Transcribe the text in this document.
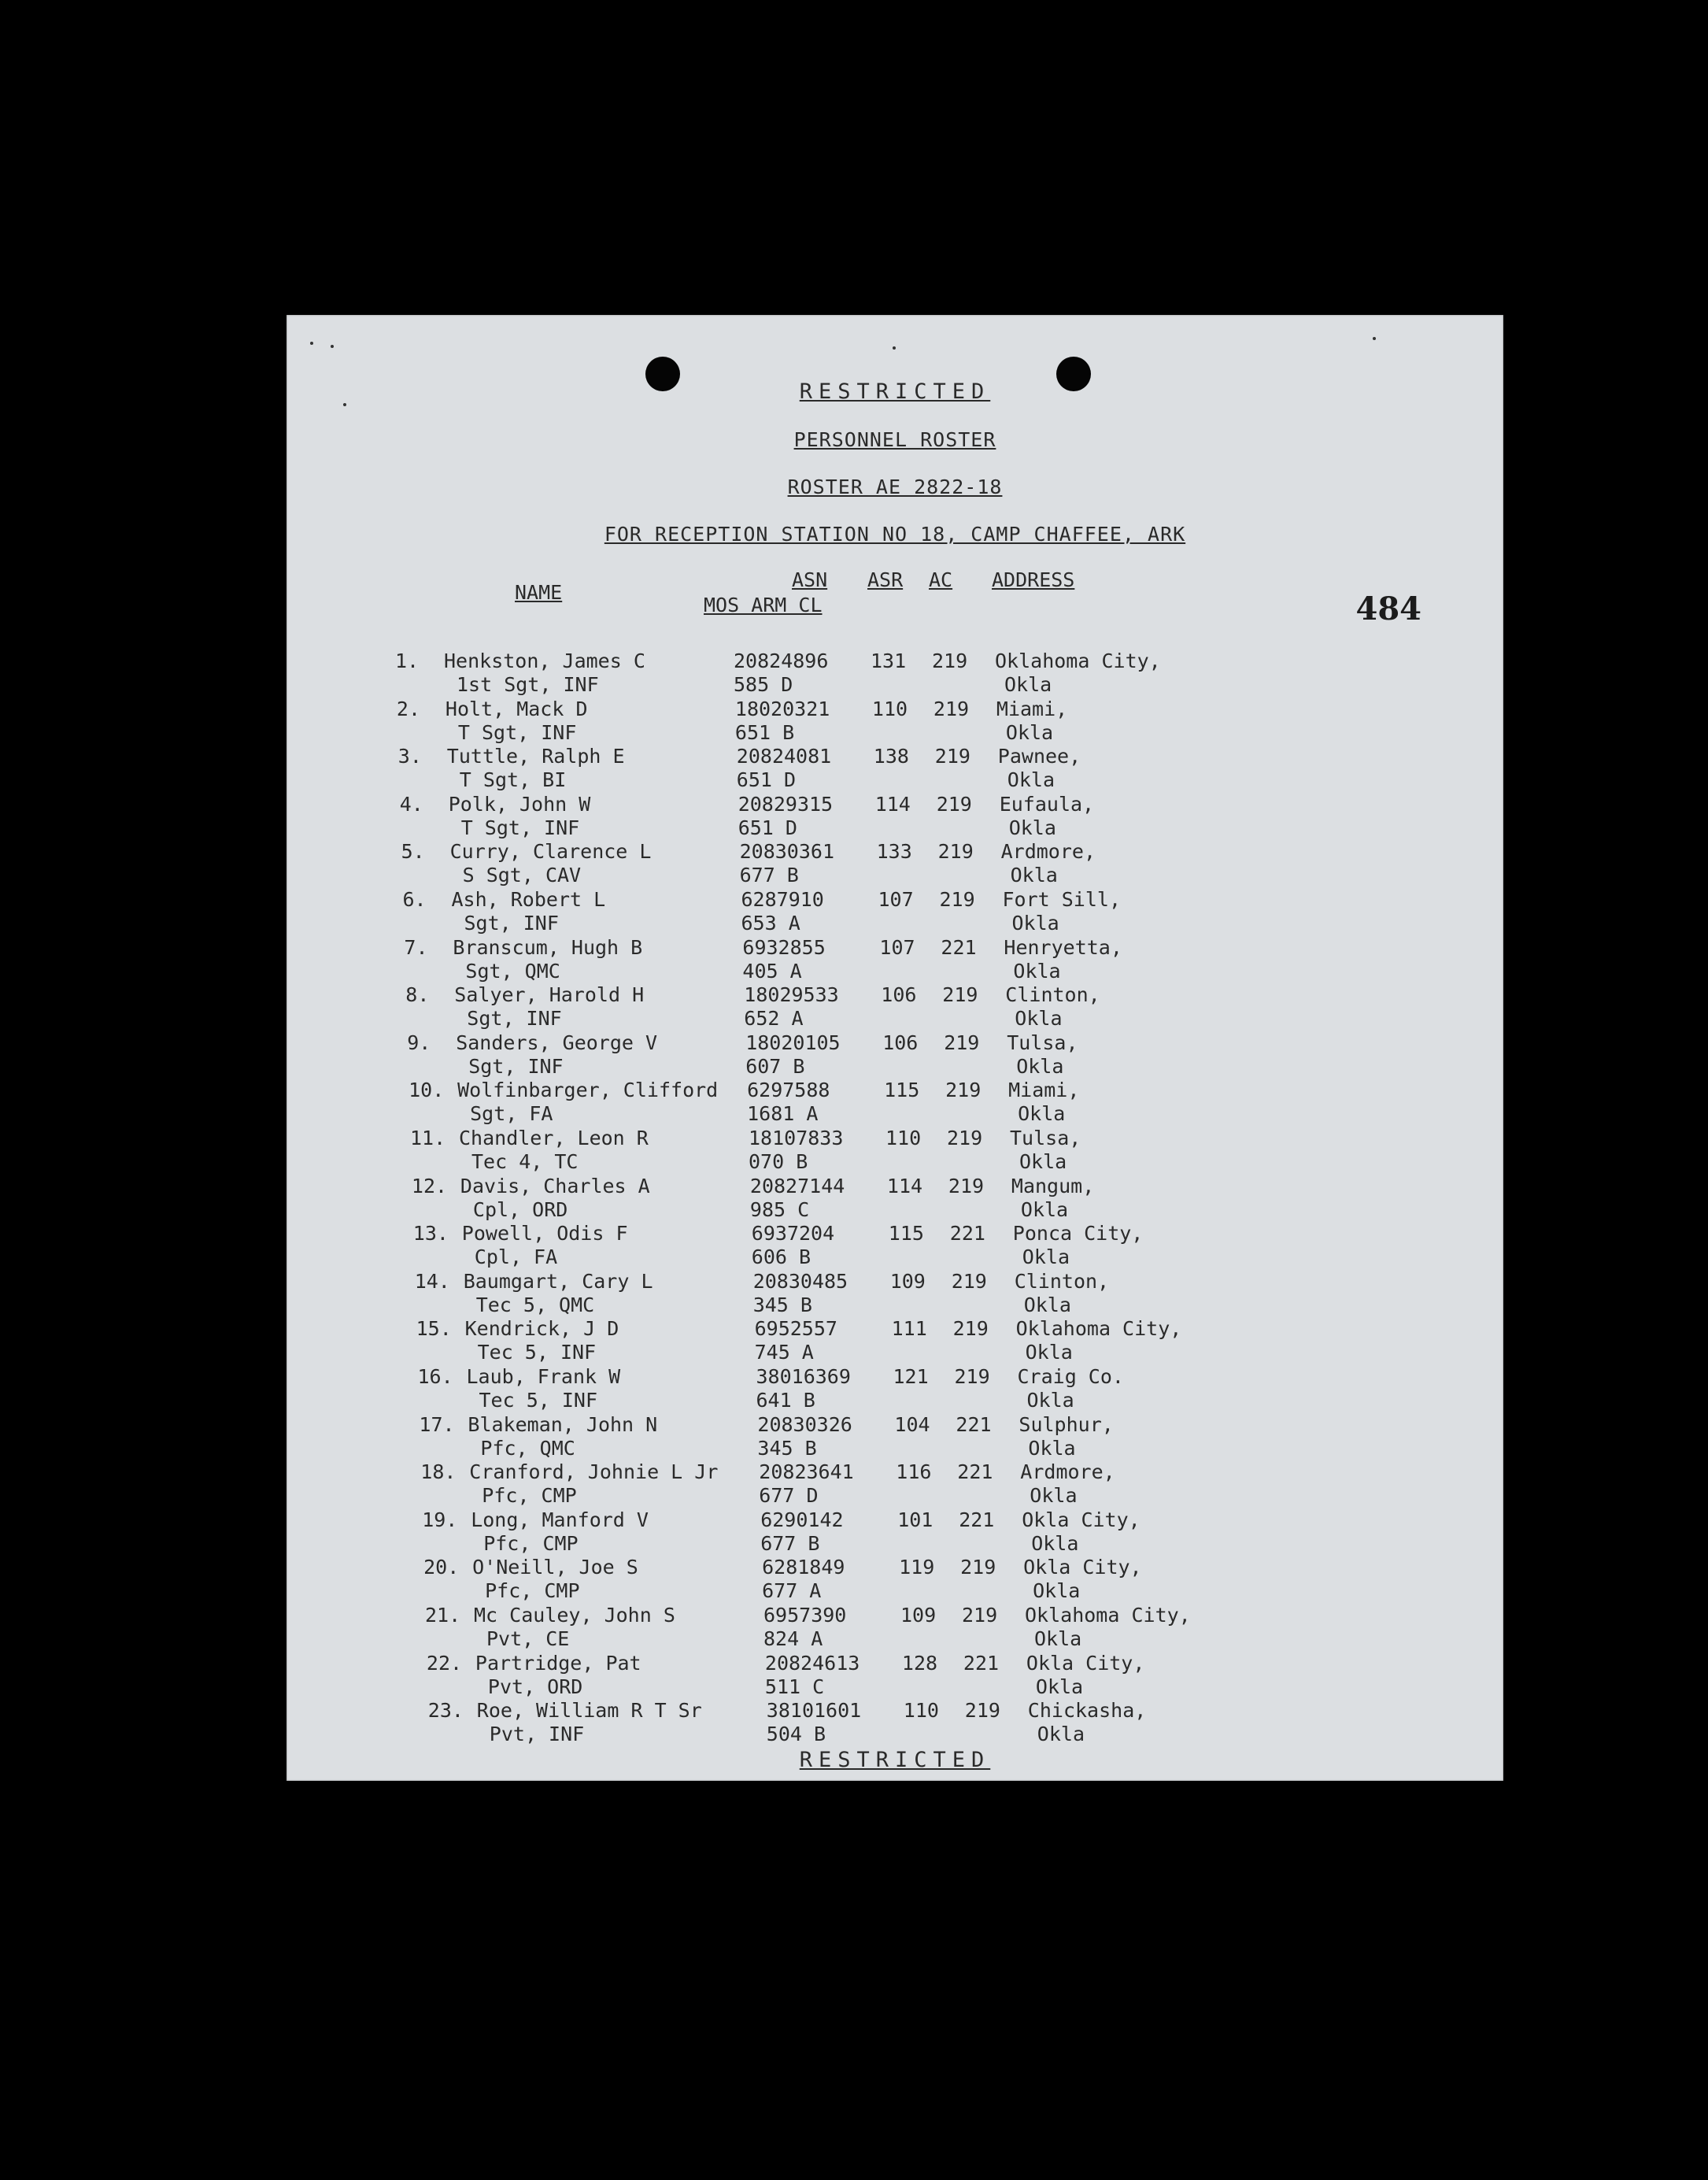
RESTRICTED
PERSONNEL ROSTER
ROSTER AE 2822-18
FOR RECEPTION STATION NO 18, CAMP CHAFFEE, ARK
484
NAME
ASN ASR AC ADDRESS
MOS ARM CL
1. Henkston, James C
1st Sgt, INF
20824896
585 D
131 219 Oklahoma City,
Okla
2. Holt, Mack D
T Sgt, INF
18020321
651 B
110 219 Miami,
Okla
3. Tuttle, Ralph E
T Sgt, BI
20824081
651 D
138 219 Pawnee,
Okla
4. Polk, John W
T Sgt, INF
20829315
651 D
114 219 Eufaula,
Okla
5. Curry, Clarence L
S Sgt, CAV
20830361
677 B
133 219 Ardmore,
Okla
6. Ash, Robert L
Sgt, INF
6287910
653 A
107 219 Fort Sill,
Okla
7. Branscum, Hugh B
Sgt, QMC
6932855
405 A
107 221 Henryetta,
Okla
8. Salyer, Harold H
Sgt, INF
18029533
652 A
106 219 Clinton,
Okla
9. Sanders, George V
Sgt, INF
18020105
607 B
106 219 Tulsa,
Okla
10. Wolfinbarger, Clifford
Sgt, FA
6297588
1681 A
115 219 Miami,
Okla
11. Chandler, Leon R
Tec 4, TC
18107833
070 B
110 219 Tulsa,
Okla
12. Davis, Charles A
Cpl, ORD
20827144
985 C
114 219 Mangum,
Okla
13. Powell, Odis F
Cpl, FA
6937204
606 B
115 221 Ponca City,
Okla
14. Baumgart, Cary L
Tec 5, QMC
20830485
345 B
109 219 Clinton,
Okla
15. Kendrick, J D
Tec 5, INF
6952557
745 A
111 219 Oklahoma City,
Okla
16. Laub, Frank W
Tec 5, INF
38016369
641 B
121 219 Craig Co.
Okla
17. Blakeman, John N
Pfc, QMC
20830326
345 B
104 221 Sulphur,
Okla
18. Cranford, Johnie L Jr
Pfc, CMP
20823641
677 D
116 221 Ardmore,
Okla
19. Long, Manford V
Pfc, CMP
6290142
677 B
101 221 Okla City,
Okla
20. O'Neill, Joe S
Pfc, CMP
6281849
677 A
119 219 Okla City,
Okla
21. Mc Cauley, John S
Pvt, CE
6957390
824 A
109 219 Oklahoma City,
Okla
22. Partridge, Pat
Pvt, ORD
20824613
511 C
128 221 Okla City,
Okla
23. Roe, William R T Sr
Pvt, INF
38101601
504 B
110 219 Chickasha,
Okla
RESTRICTED
